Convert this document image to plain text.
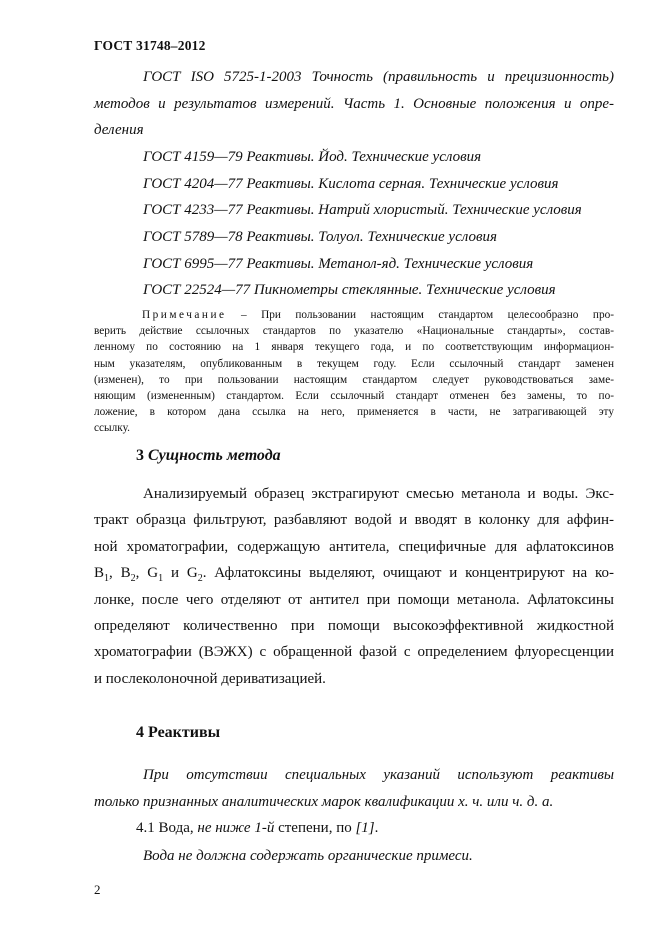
ГОСТ 31748–2012
ГОСТ ISO 5725-1-2003 Точность (правильность и прецизионность)
методов и результатов измерений. Часть 1. Основные положения и опре-
деления
ГОСТ 4159—79 Реактивы. Йод. Технические условия
ГОСТ 4204—77 Реактивы. Кислота серная. Технические условия
ГОСТ 4233—77 Реактивы. Натрий хлористый. Технические условия
ГОСТ 5789—78 Реактивы. Толуол. Технические условия
ГОСТ 6995—77 Реактивы. Метанол-яд. Технические условия
ГОСТ 22524—77 Пикнометры стеклянные. Технические условия
Примечание – При пользовании настоящим стандартом целесообразно про-
верить действие ссылочных стандартов по указателю «Национальные стандарты», состав-
ленному по состоянию на 1 января текущего года, и по соответствующим информацион-
ным указателям, опубликованным в текущем году. Если ссылочный стандарт заменен
(изменен), то при пользовании настоящим стандартом следует руководствоваться заме-
няющим (измененным) стандартом. Если ссылочный стандарт отменен без замены, то по-
ложение, в котором дана ссылка на него, применяется в части, не затрагивающей эту
ссылку.
3 Сущность метода
Анализируемый образец экстрагируют смесью метанола и воды. Экс-
тракт образца фильтруют, разбавляют водой и вводят в колонку для аффин-
ной хроматографии, содержащую антитела, специфичные для афлатоксинов
$B_1$, $B_2$, $G_1$ и $G_2$. Афлатоксины выделяют, очищают и концентрируют на ко-
лонке, после чего отделяют от антител при помощи метанола. Афлатоксины
определяют количественно при помощи высокоэффективной жидкостной
хроматографии (ВЭЖХ) с обращенной фазой с определением флуоресценции
и послеколоночной дериватизацией.
4 Реактивы
При отсутствии специальных указаний используют реактивы
только признанных аналитических марок квалификации х. ч. или ч. д. а.
4.1 Вода, не ниже 1-й степени, по [1].
Вода не должна содержать органические примеси.
2
